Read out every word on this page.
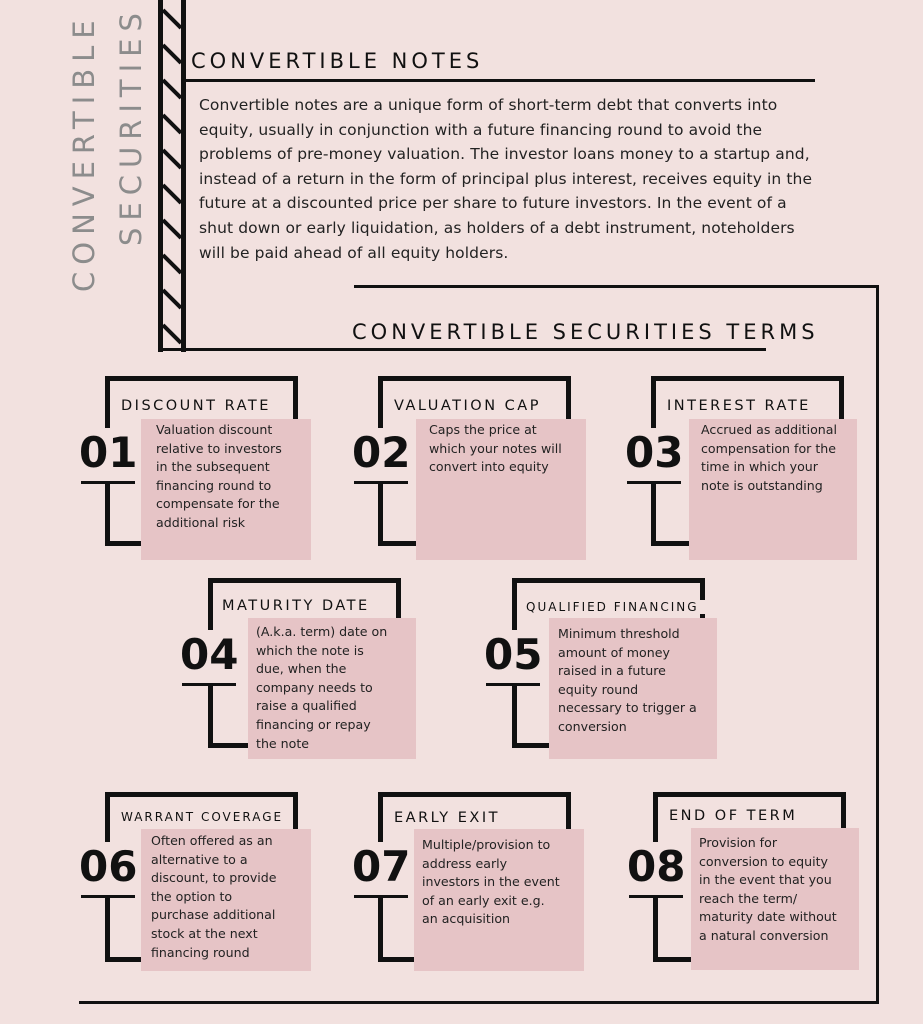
CONVERTIBLE SECURITIES CONVERTIBLE NOTES
CONVERTIBLE SECURITIES TERMS
Convertible notes are a unique form of short-term debt that converts into equity, usually in conjunction with a future financing round to avoid the problems of pre-money valuation. The investor loans money to a startup and, instead of a return in the form of principal plus interest, receives equity in the future at a discounted price per share to future investors. In the event of a shut down or early liquidation, as holders of a debt instrument, noteholders will be paid ahead of all equity holders.
DISCOUNT RATE
01	Valuation discount relative to investors in the subsequent financing round to compensate for the additional risk
VALUATION CAP
02	Caps the price at which your notes will convert into equity
INTEREST RATE
03	Accrued as additional compensation for the time in which your note is outstanding
MATURITY DATE
04	(A.k.a. term) date on which the note is due, when the company needs to raise a qualified financing or repay the note
QUALIFIED FINANCING
05	Minimum threshold amount of money raised in a future equity round necessary to trigger a conversion
WARRANT COVERAGE
06
Often offered as an alternative to a discount, to provide the option to purchase additional stock at the next financing round
EARLY EXIT
07 Multiple/provision to address early investors in the event of an early exit e.g. an acquisition
END OF TERM
08	Provision for conversion to equity in the event that you reach the term/ maturity date without a natural conversion
